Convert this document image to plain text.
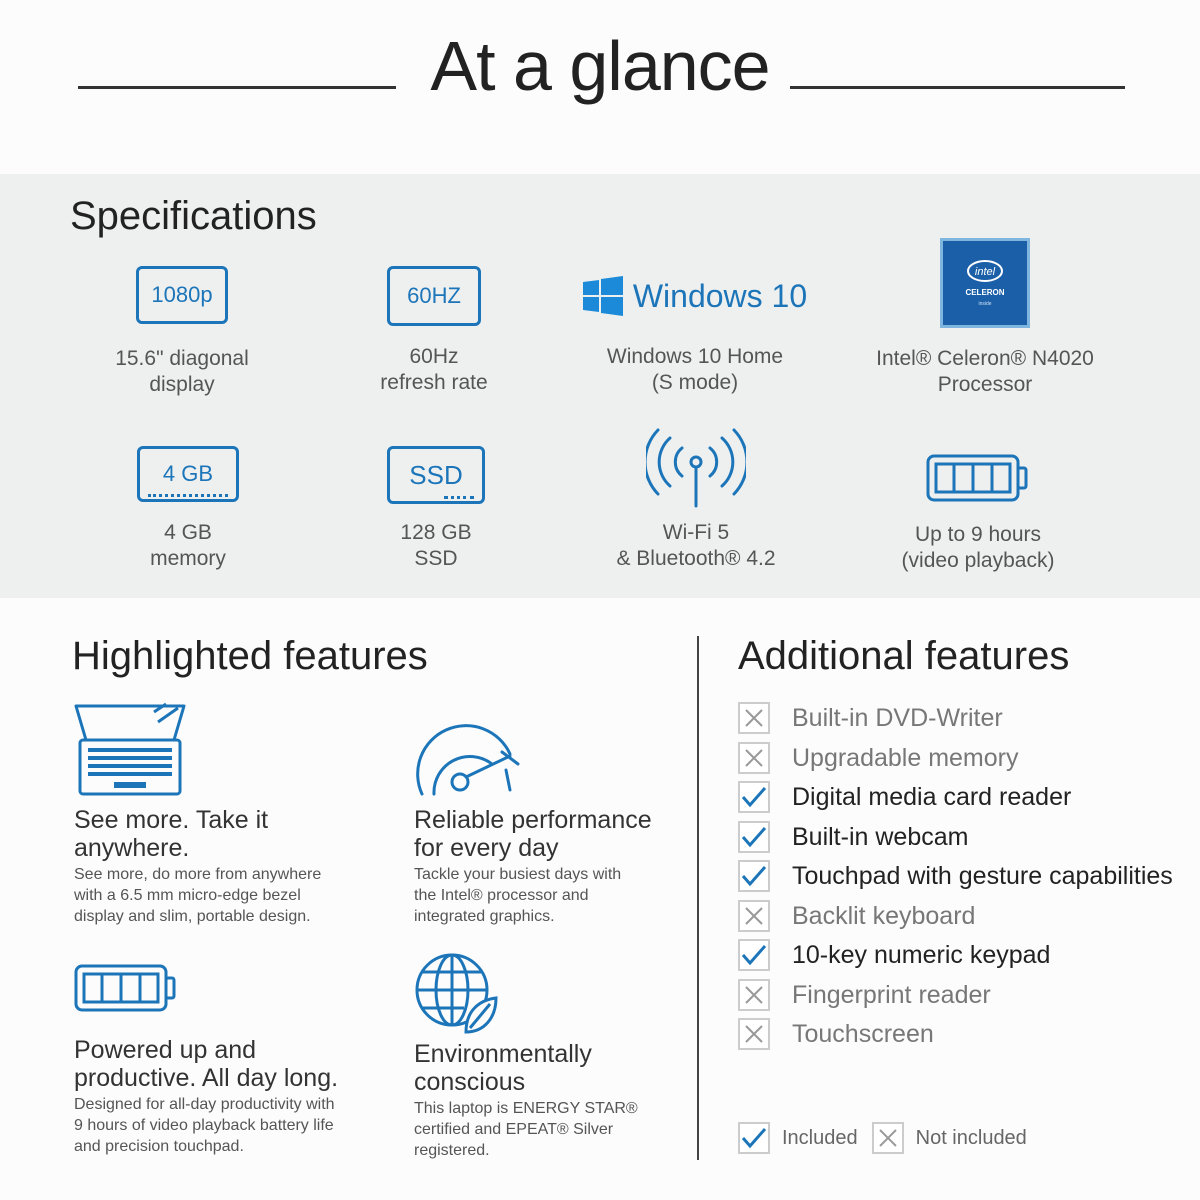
At a glance
Specifications
1080p
15.6" diagonal
display
60HZ
60Hz
refresh rate
Windows 10
Windows 10 Home
(S mode)
intel
CELERON
inside
Intel® Celeron® N4020
Processor
4 GB
4 GB
memory
SSD
128 GB
SSD
Wi-Fi 5
& Bluetooth® 4.2
Up to 9 hours
(video playback)
Highlighted features
See more. Take it
anywhere.
See more, do more from anywhere
with a 6.5 mm micro-edge bezel
display and slim, portable design.
Reliable performance
for every day
Tackle your busiest days with
the Intel® processor and
integrated graphics.
Powered up and
productive. All day long.
Designed for all-day productivity with
9 hours of video playback battery life
and precision touchpad.
Environmentally
conscious
This laptop is ENERGY STAR®
certified and EPEAT® Silver
registered.
Additional features
Built-in DVD-Writer
Upgradable memory
Digital media card reader
Built-in webcam
Touchpad with gesture capabilities
Backlit keyboard
10-key numeric keypad
Fingerprint reader
Touchscreen
Included	Not included
